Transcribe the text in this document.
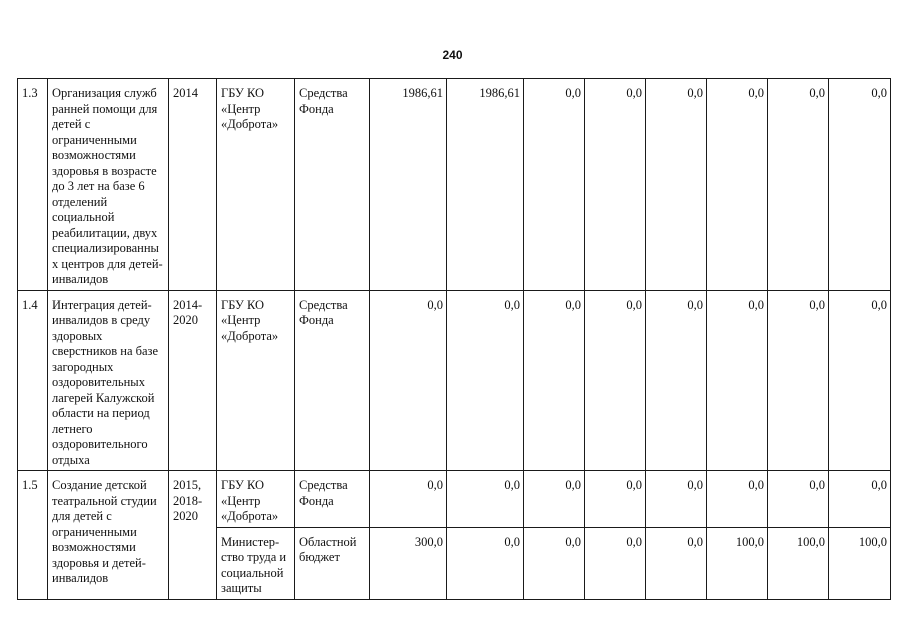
240
1.3	Организация служб ранней помощи для детей с ограниченными возможностями здоровья в возрасте до 3 лет на базе 6 отделений социальной реабилитации, двух специализированны х центров для детей-инвалидов	2014	ГБУ КО «Центр «Доброта»	Средства Фонда	1986,61	1986,61	0,0	0,0	0,0	0,0	0,0	0,0
1.4	Интеграция детей-инвалидов в среду здоровых сверстников на базе загородных оздоровительных лагерей Калужской области на период летнего оздоровительного отдыха	2014-2020	ГБУ КО «Центр «Доброта»	Средства Фонда	0,0	0,0	0,0	0,0	0,0	0,0	0,0	0,0
1.5	Создание детской театральной студии для детей с ограниченными возможностями здоровья и детей-инвалидов	2015, 2018-2020	ГБУ КО «Центр «Доброта»	Средства Фонда	0,0	0,0	0,0	0,0	0,0	0,0	0,0	0,0
			Министер-ство труда и социальной защиты	Областной бюджет	300,0	0,0	0,0	0,0	0,0	100,0	100,0	100,0
